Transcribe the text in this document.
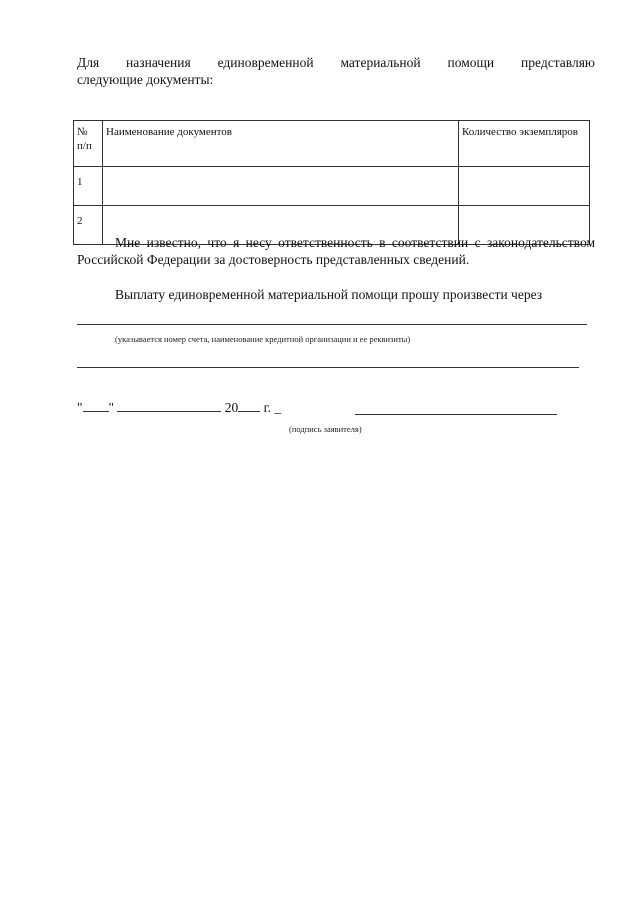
Для назначения единовременной материальной помощи представляю
следующие документы:

№ п/п	Наименование документов	Количество экземпляров
1		
2		

Мне известно, что я несу ответственность в соответствии с законодательством Российской Федерации за достоверность представленных сведений.

Выплату единовременной материальной помощи прошу произвести через

(указывается номер счета, наименование кредитной организации и ее реквизиты)
" "	20 г. _
(подпись заявителя)
